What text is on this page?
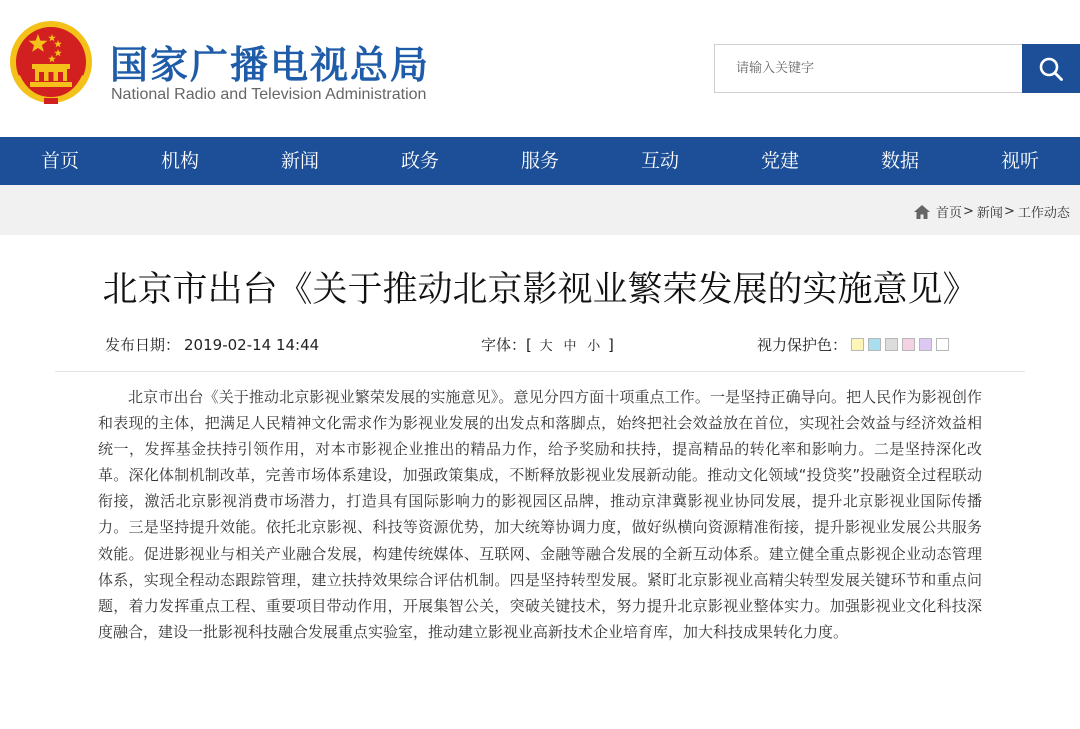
国家广播电视总局
National Radio and Television Administration
请输入关键字
首页	机构	新闻	政务	服务	互动	党建	数据	视听
首页 > 新闻 > 工作动态
北京市出台《关于推动北京影视业繁荣发展的实施意见》
发布日期： 2019-02-14 14:44	字体：[ 大 中 小 ]	视力保护色：

北京市出台《关于推动北京影视业繁荣发展的实施意见》。意见分四方面十项重点工作。一是坚持正确导向。把人民作为影视创作和表现的主体，把满足人民精神文化需求作为影视业发展的出发点和落脚点，始终把社会效益放在首位，实现社会效益与经济效益相统一，发挥基金扶持引领作用，对本市影视企业推出的精品力作，给予奖励和扶持，提高精品的转化率和影响力。二是坚持深化改革。深化体制机制改革，完善市场体系建设，加强政策集成，不断释放影视业发展新动能。推动文化领域“投贷奖”投融资全过程联动衔接，激活北京影视消费市场潜力，打造具有国际影响力的影视园区品牌，推动京津冀影视业协同发展，提升北京影视业国际传播力。三是坚持提升效能。依托北京影视、科技等资源优势，加大统筹协调力度，做好纵横向资源精准衔接，提升影视业发展公共服务效能。促进影视业与相关产业融合发展，构建传统媒体、互联网、金融等融合发展的全新互动体系。建立健全重点影视企业动态管理体系，实现全程动态跟踪管理，建立扶持效果综合评估机制。四是坚持转型发展。紧盯北京影视业高精尖转型发展关键环节和重点问题，着力发挥重点工程、重要项目带动作用，开展集智公关，突破关键技术，努力提升北京影视业整体实力。加强影视业文化科技深度融合，建设一批影视科技融合发展重点实验室，推动建立影视业高新技术企业培育库，加大科技成果转化力度。
